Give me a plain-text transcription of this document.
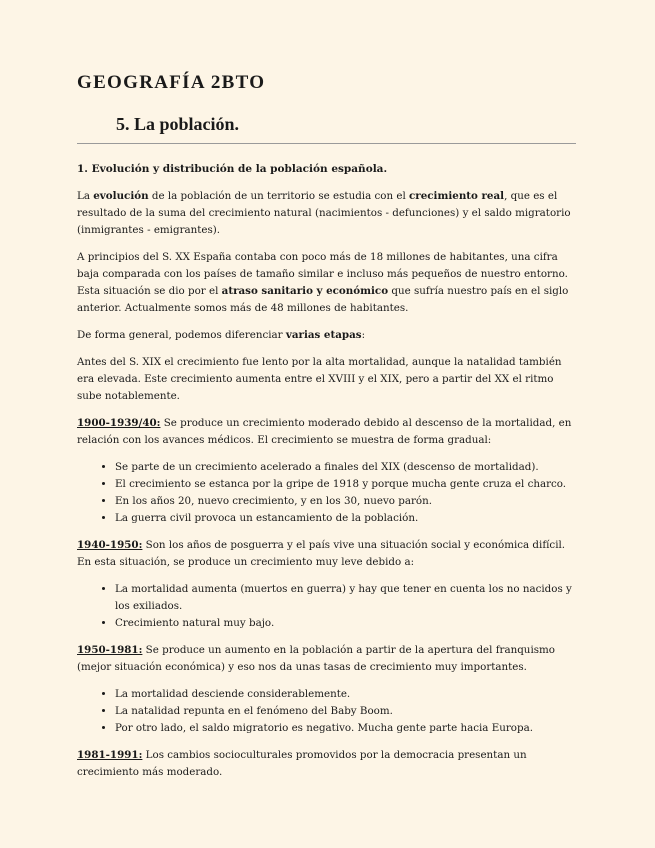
GEOGRAFÍA 2BTO
5. La población.
1. Evolución y distribución de la población española.

La evolución de la población de un territorio se estudia con el crecimiento real, que es el resultado de la suma del crecimiento natural (nacimientos - defunciones) y el saldo migratorio (inmigrantes - emigrantes).

A principios del S. XX España contaba con poco más de 18 millones de habitantes, una cifra baja comparada con los países de tamaño similar e incluso más pequeños de nuestro entorno. Esta situación se dio por el atraso sanitario y económico que sufría nuestro país en el siglo anterior. Actualmente somos más de 48 millones de habitantes.

De forma general, podemos diferenciar varias etapas:

Antes del S. XIX el crecimiento fue lento por la alta mortalidad, aunque la natalidad también era elevada. Este crecimiento aumenta entre el XVIII y el XIX, pero a partir del XX el ritmo sube notablemente.

1900-1939/40: Se produce un crecimiento moderado debido al descenso de la mortalidad, en relación con los avances médicos. El crecimiento se muestra de forma gradual:

• Se parte de un crecimiento acelerado a finales del XIX (descenso de mortalidad).
• El crecimiento se estanca por la gripe de 1918 y porque mucha gente cruza el charco.
• En los años 20, nuevo crecimiento, y en los 30, nuevo parón.
• La guerra civil provoca un estancamiento de la población.

1940-1950: Son los años de posguerra y el país vive una situación social y económica difícil. En esta situación, se produce un crecimiento muy leve debido a:

• La mortalidad aumenta (muertos en guerra) y hay que tener en cuenta los no nacidos y los exiliados.
• Crecimiento natural muy bajo.

1950-1981: Se produce un aumento en la población a partir de la apertura del franquismo (mejor situación económica) y eso nos da unas tasas de crecimiento muy importantes.

• La mortalidad desciende considerablemente.
• La natalidad repunta en el fenómeno del Baby Boom.
• Por otro lado, el saldo migratorio es negativo. Mucha gente parte hacia Europa.

1981-1991: Los cambios socioculturales promovidos por la democracia presentan un crecimiento más moderado.
